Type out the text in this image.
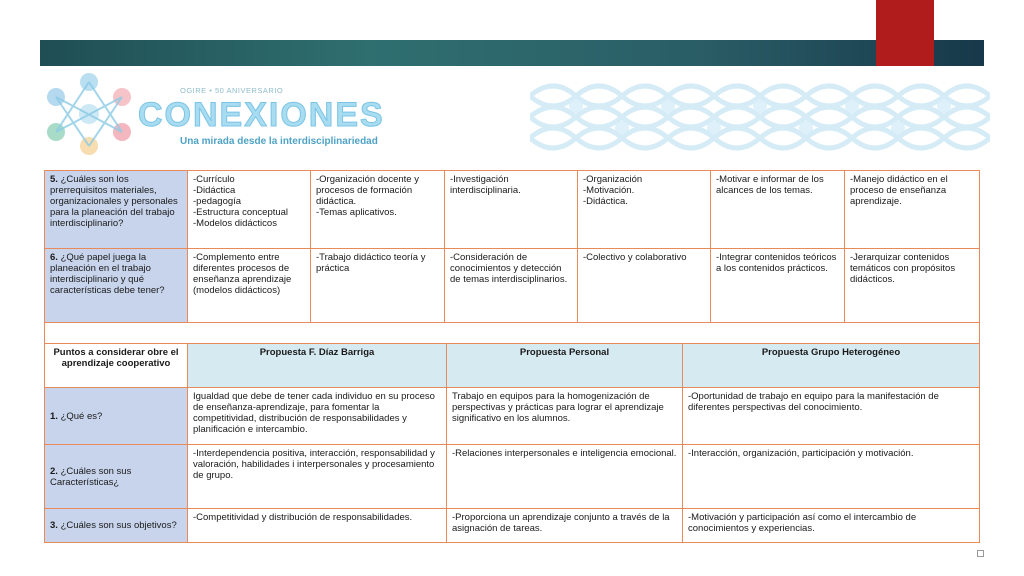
OGIRE • 50 ANIVERSARIO
CONEXIONES
Una mirada desde la interdisciplinariedad
5. ¿Cuáles son los prerrequisitos materiales, organizacionales y personales para la planeación del trabajo interdisciplinario?	-Currículo
-Didáctica
-pedagogía
-Estructura conceptual
-Modelos didácticos	-Organización docente y procesos de formación didáctica.
-Temas aplicativos.	-Investigación interdisciplinaria.	-Organización
-Motivación.
-Didáctica.	-Motivar e informar de los alcances de los temas.	-Manejo didáctico en el proceso de enseñanza aprendizaje.
6. ¿Qué papel juega la planeación en el trabajo interdisciplinario y qué características debe tener?	-Complemento entre diferentes procesos de enseñanza aprendizaje (modelos didácticos)	-Trabajo didáctico teoría y práctica	-Consideración de conocimientos y detección de temas interdisciplinarios.	-Colectivo y colaborativo	-Integrar contenidos teóricos a los contenidos prácticos.	-Jerarquizar contenidos temáticos con propósitos didácticos.

Puntos a considerar obre el aprendizaje cooperativo	Propuesta F. Díaz Barriga	Propuesta Personal	Propuesta Grupo Heterogéneo
1. ¿Qué es?	Igualdad que debe de tener cada individuo en su proceso de enseñanza-aprendizaje, para fomentar la competitividad, distribución de responsabilidades y planificación e intercambio.	Trabajo en equipos para la homogenización de perspectivas y prácticas para lograr el aprendizaje significativo en los alumnos.	-Oportunidad de trabajo en equipo para la manifestación de diferentes perspectivas del conocimiento.
2. ¿Cuáles son sus Características¿	-Interdependencia positiva, interacción, responsabilidad y valoración, habilidades i interpersonales y procesamiento de grupo.	-Relaciones interpersonales e inteligencia emocional.	-Interacción, organización, participación y motivación.
3. ¿Cuáles son sus objetivos?	-Competitividad y distribución de responsabilidades.	-Proporciona un aprendizaje conjunto a través de la asignación de tareas.	-Motivación y participación así como el intercambio de conocimientos y experiencias.
